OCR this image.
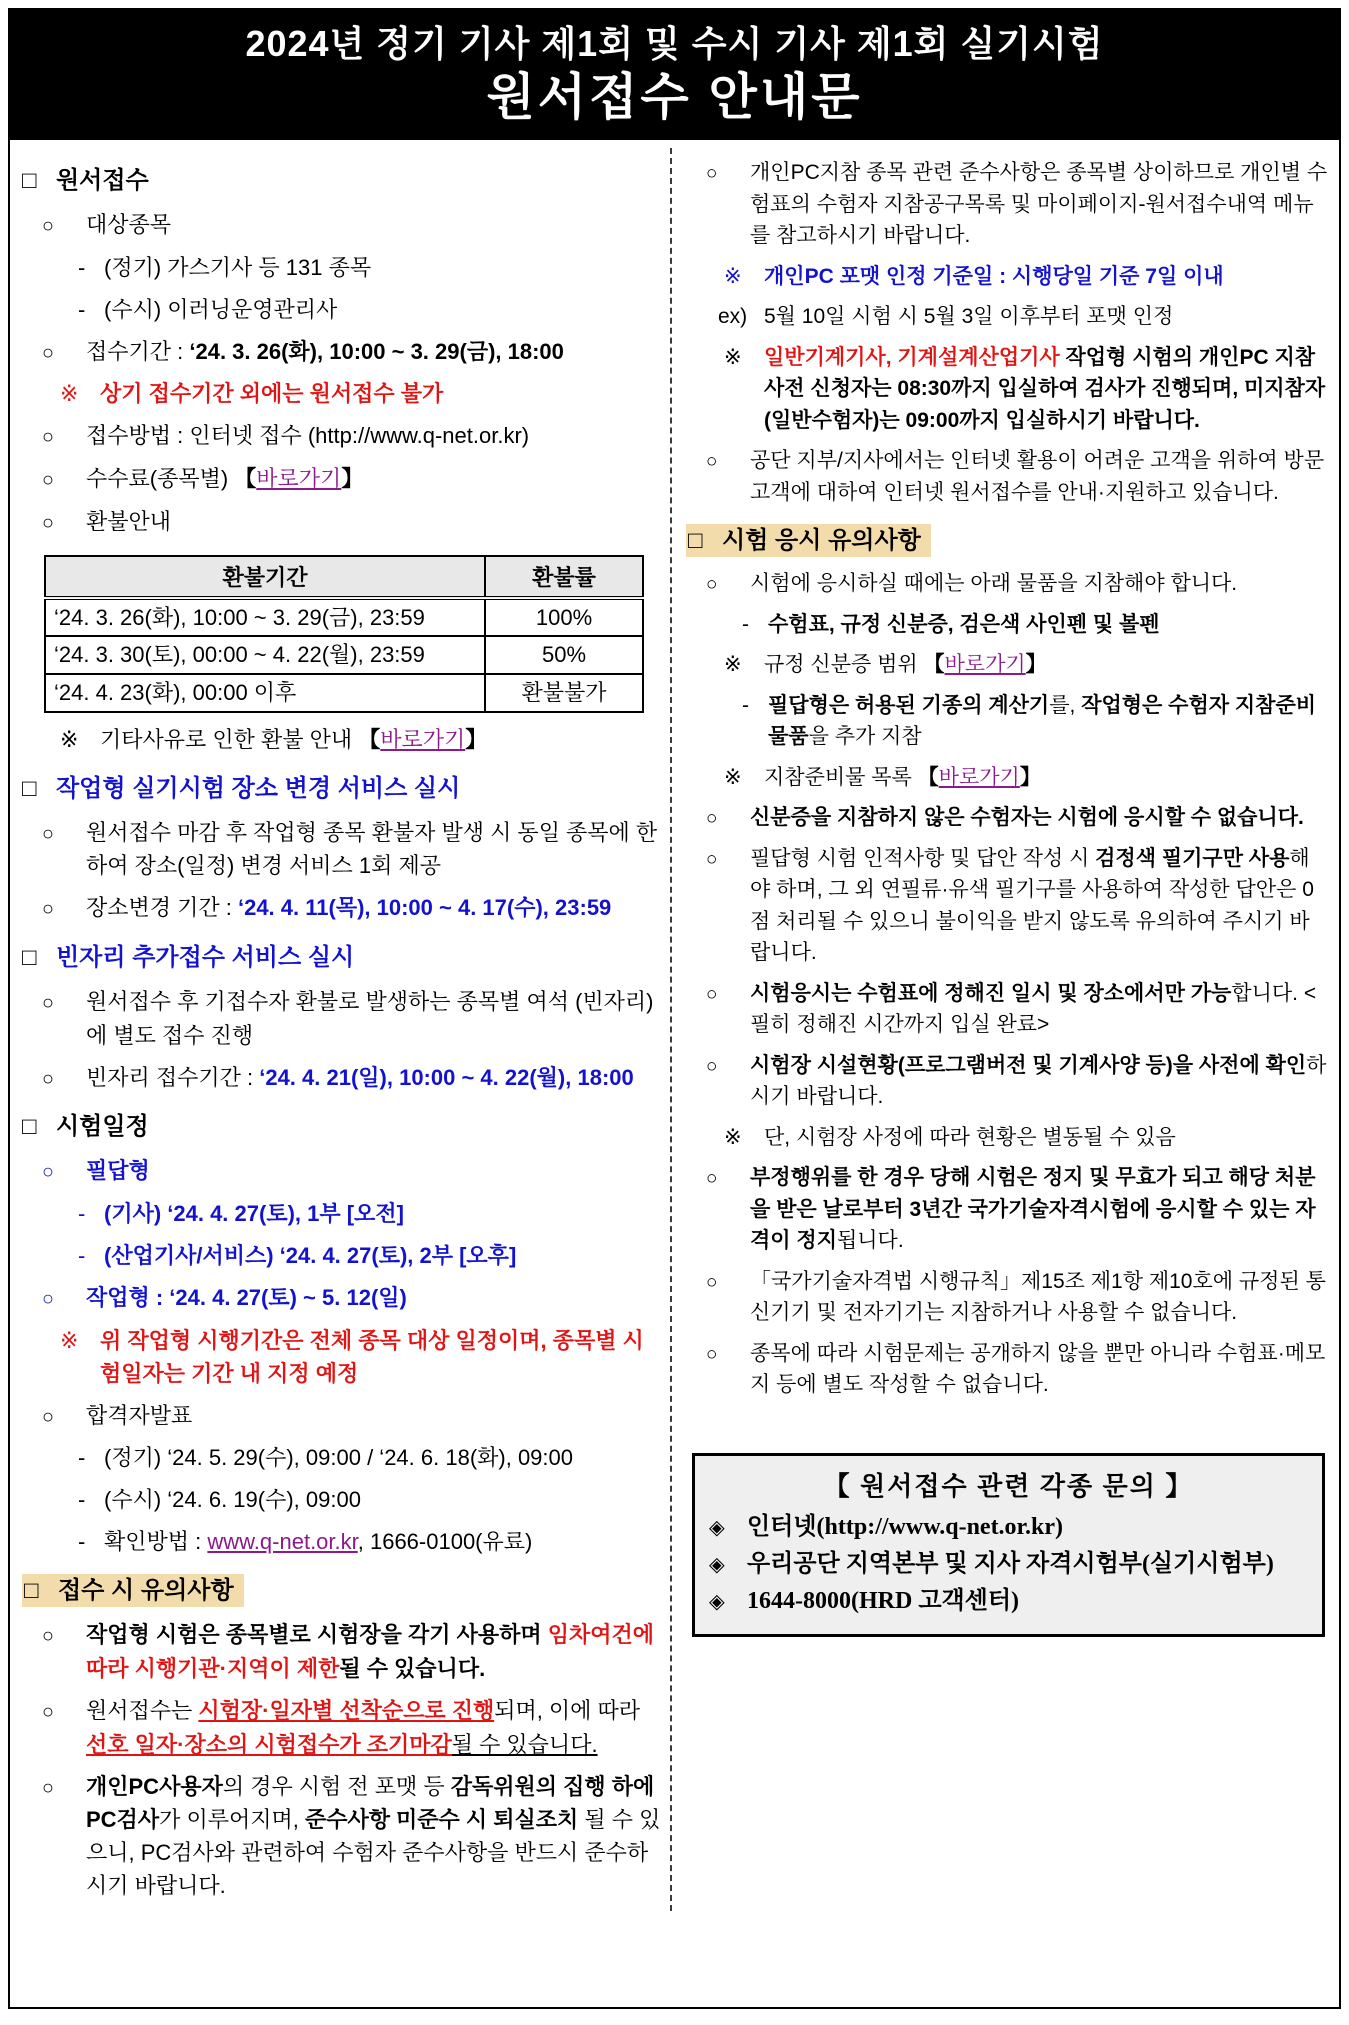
2024년 정기 기사 제1회 및 수시 기사 제1회 실기시험
원서접수 안내문
□ 원서접수
○ 대상종목
- (정기) 가스기사 등 131 종목
- (수시) 이러닝운영관리사
○ 접수기간 : ‘24. 3. 26(화), 10:00 ~ 3. 29(금), 18:00
※ 상기 접수기간 외에는 원서접수 불가
○ 접수방법 : 인터넷 접수 (http://www.q-net.or.kr)
○ 수수료(종목별) 【바로가기】
○ 환불안내
환불기간	환불률
‘24. 3. 26(화), 10:00 ~ 3. 29(금), 23:59	100%
‘24. 3. 30(토), 00:00 ~ 4. 22(월), 23:59	50%
‘24. 4. 23(화), 00:00 이후	환불불가
※ 기타사유로 인한 환불 안내 【바로가기】
□ 작업형 실기시험 장소 변경 서비스 실시
○ 원서접수 마감 후 작업형 종목 환불자 발생 시 동일 종목에 한하여 장소(일정) 변경 서비스 1회 제공
○ 장소변경 기간 : ‘24. 4. 11(목), 10:00 ~ 4. 17(수), 23:59
□ 빈자리 추가접수 서비스 실시
○ 원서접수 후 기접수자 환불로 발생하는 종목별 여석 (빈자리)에 별도 접수 진행
○ 빈자리 접수기간 : ‘24. 4. 21(일), 10:00 ~ 4. 22(월), 18:00
□ 시험일정
○ 필답형
- (기사) ‘24. 4. 27(토), 1부 [오전]
- (산업기사/서비스) ‘24. 4. 27(토), 2부 [오후]
○ 작업형 : ‘24. 4. 27(토) ~ 5. 12(일)
※ 위 작업형 시행기간은 전체 종목 대상 일정이며, 종목별 시험일자는 기간 내 지정 예정
○ 합격자발표
- (정기) ‘24. 5. 29(수), 09:00 / ‘24. 6. 18(화), 09:00
- (수시) ‘24. 6. 19(수), 09:00
- 확인방법 : www.q-net.or.kr, 1666-0100(유료)
□ 접수 시 유의사항
○ 작업형 시험은 종목별로 시험장을 각기 사용하며 임차여건에 따라 시행기관·지역이 제한될 수 있습니다.
○ 원서접수는 시험장·일자별 선착순으로 진행되며, 이에 따라 선호 일자·장소의 시험접수가 조기마감될 수 있습니다.
○ 개인PC사용자의 경우 시험 전 포맷 등 감독위원의 집행 하에 PC검사가 이루어지며, 준수사항 미준수 시 퇴실조치 될 수 있으니, PC검사와 관련하여 수험자 준수사항을 반드시 준수하시기 바랍니다.
○ 개인PC지참 종목 관련 준수사항은 종목별 상이하므로 개인별 수험표의 수험자 지참공구목록 및 마이페이지-원서접수내역 메뉴를 참고하시기 바랍니다.
※ 개인PC 포맷 인정 기준일 : 시행당일 기준 7일 이내
ex) 5월 10일 시험 시 5월 3일 이후부터 포맷 인정
※ 일반기계기사, 기계설계산업기사 작업형 시험의 개인PC 지참 사전 신청자는 08:30까지 입실하여 검사가 진행되며, 미지참자(일반수험자)는 09:00까지 입실하시기 바랍니다.
○ 공단 지부/지사에서는 인터넷 활용이 어려운 고객을 위하여 방문고객에 대하여 인터넷 원서접수를 안내·지원하고 있습니다.
□ 시험 응시 유의사항
○ 시험에 응시하실 때에는 아래 물품을 지참해야 합니다.
- 수험표, 규정 신분증, 검은색 사인펜 및 볼펜
※ 규정 신분증 범위 【바로가기】
- 필답형은 허용된 기종의 계산기를, 작업형은 수험자 지참준비물품을 추가 지참
※ 지참준비물 목록 【바로가기】
○ 신분증을 지참하지 않은 수험자는 시험에 응시할 수 없습니다.
○ 필답형 시험 인적사항 및 답안 작성 시 검정색 필기구만 사용해야 하며, 그 외 연필류·유색 필기구를 사용하여 작성한 답안은 0점 처리될 수 있으니 불이익을 받지 않도록 유의하여 주시기 바랍니다.
○ 시험응시는 수험표에 정해진 일시 및 장소에서만 가능합니다. <필히 정해진 시간까지 입실 완료>
○ 시험장 시설현황(프로그램버전 및 기계사양 등)을 사전에 확인하시기 바랍니다.
※ 단, 시험장 사정에 따라 현황은 별동될 수 있음
○ 부정행위를 한 경우 당해 시험은 정지 및 무효가 되고 해당 처분을 받은 날로부터 3년간 국가기술자격시험에 응시할 수 있는 자격이 정지됩니다.
○ 「국가기술자격법 시행규칙」제15조 제1항 제10호에 규정된 통신기기 및 전자기기는 지참하거나 사용할 수 없습니다.
○ 종목에 따라 시험문제는 공개하지 않을 뿐만 아니라 수험표·메모지 등에 별도 작성할 수 없습니다.
【 원서접수 관련 각종 문의 】
◈ 인터넷(http://www.q-net.or.kr)
◈ 우리공단 지역본부 및 지사 자격시험부(실기시험부)
◈ 1644-8000(HRD 고객센터)
